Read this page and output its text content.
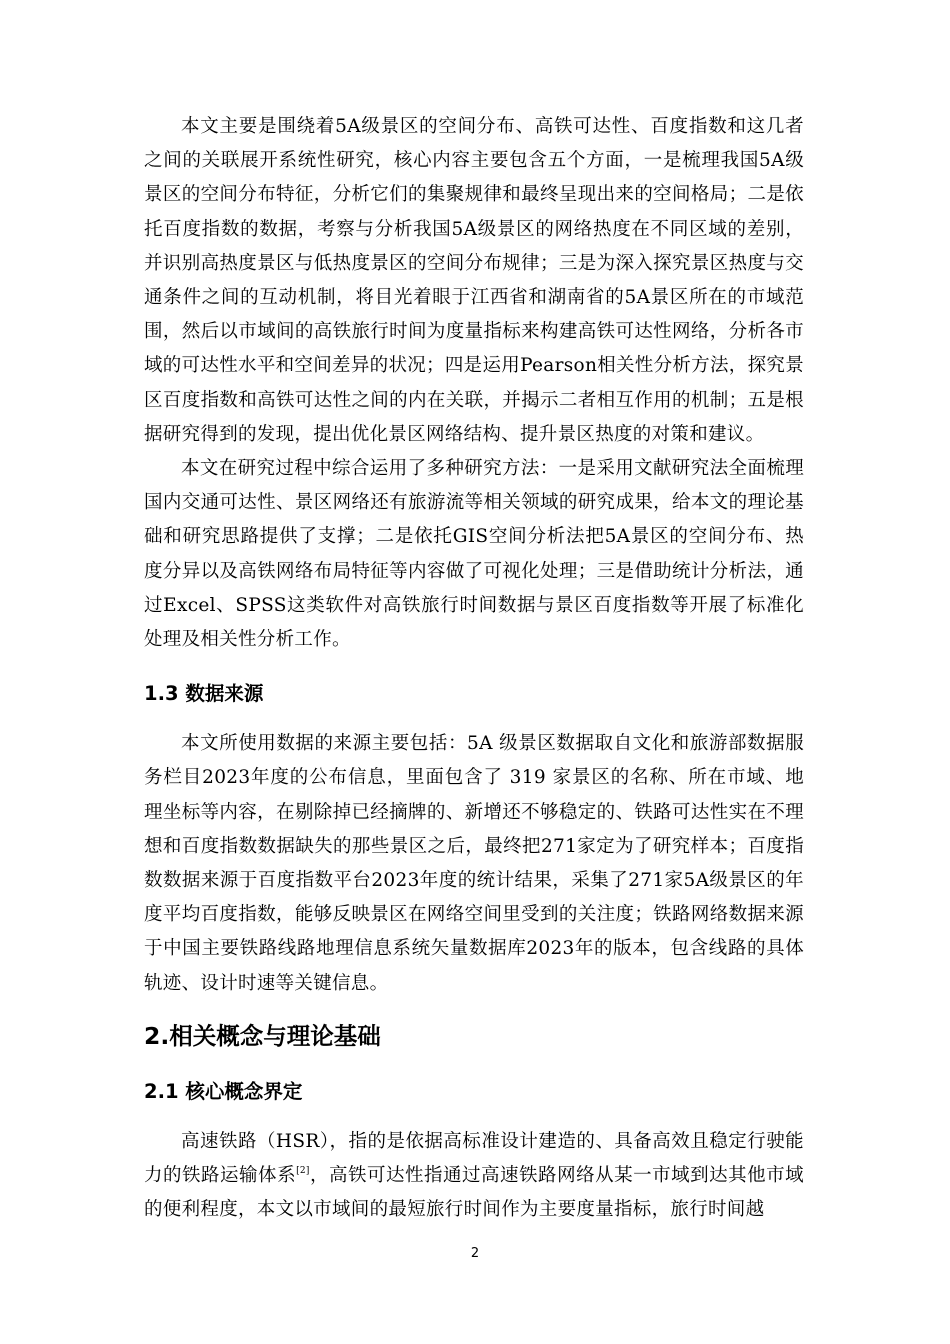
本文主要是围绕着5A级景区的空间分布、高铁可达性、百度指数和这几者之间的关联展开系统性研究，核心内容主要包含五个方面，一是梳理我国5A级景区的空间分布特征，分析它们的集聚规律和最终呈现出来的空间格局；二是依托百度指数的数据，考察与分析我国5A级景区的网络热度在不同区域的差别，并识别高热度景区与低热度景区的空间分布规律；三是为深入探究景区热度与交通条件之间的互动机制，将目光着眼于江西省和湖南省的5A景区所在的市域范围，然后以市域间的高铁旅行时间为度量指标来构建高铁可达性网络，分析各市域的可达性水平和空间差异的状况；四是运用Pearson相关性分析方法，探究景区百度指数和高铁可达性之间的内在关联，并揭示二者相互作用的机制；五是根据研究得到的发现，提出优化景区网络结构、提升景区热度的对策和建议。

本文在研究过程中综合运用了多种研究方法：一是采用文献研究法全面梳理国内交通可达性、景区网络还有旅游流等相关领域的研究成果，给本文的理论基础和研究思路提供了支撑；二是依托GIS空间分析法把5A景区的空间分布、热度分异以及高铁网络布局特征等内容做了可视化处理；三是借助统计分析法，通过Excel、SPSS这类软件对高铁旅行时间数据与景区百度指数等开展了标准化处理及相关性分析工作。

1.3 数据来源

本文所使用数据的来源主要包括：5A 级景区数据取自文化和旅游部数据服务栏目2023年度的公布信息，里面包含了 319 家景区的名称、所在市域、地理坐标等内容，在剔除掉已经摘牌的、新增还不够稳定的、铁路可达性实在不理想和百度指数数据缺失的那些景区之后，最终把271家定为了研究样本；百度指数数据来源于百度指数平台2023年度的统计结果，采集了271家5A级景区的年度平均百度指数，能够反映景区在网络空间里受到的关注度；铁路网络数据来源于中国主要铁路线路地理信息系统矢量数据库2023年的版本，包含线路的具体轨迹、设计时速等关键信息。

2.相关概念与理论基础
2.1 核心概念界定

高速铁路（HSR），指的是依据高标准设计建造的、具备高效且稳定行驶能力的铁路运输体系[2]，高铁可达性指通过高速铁路网络从某一市域到达其他市域的便利程度，本文以市域间的最短旅行时间作为主要度量指标，旅行时间越

2
